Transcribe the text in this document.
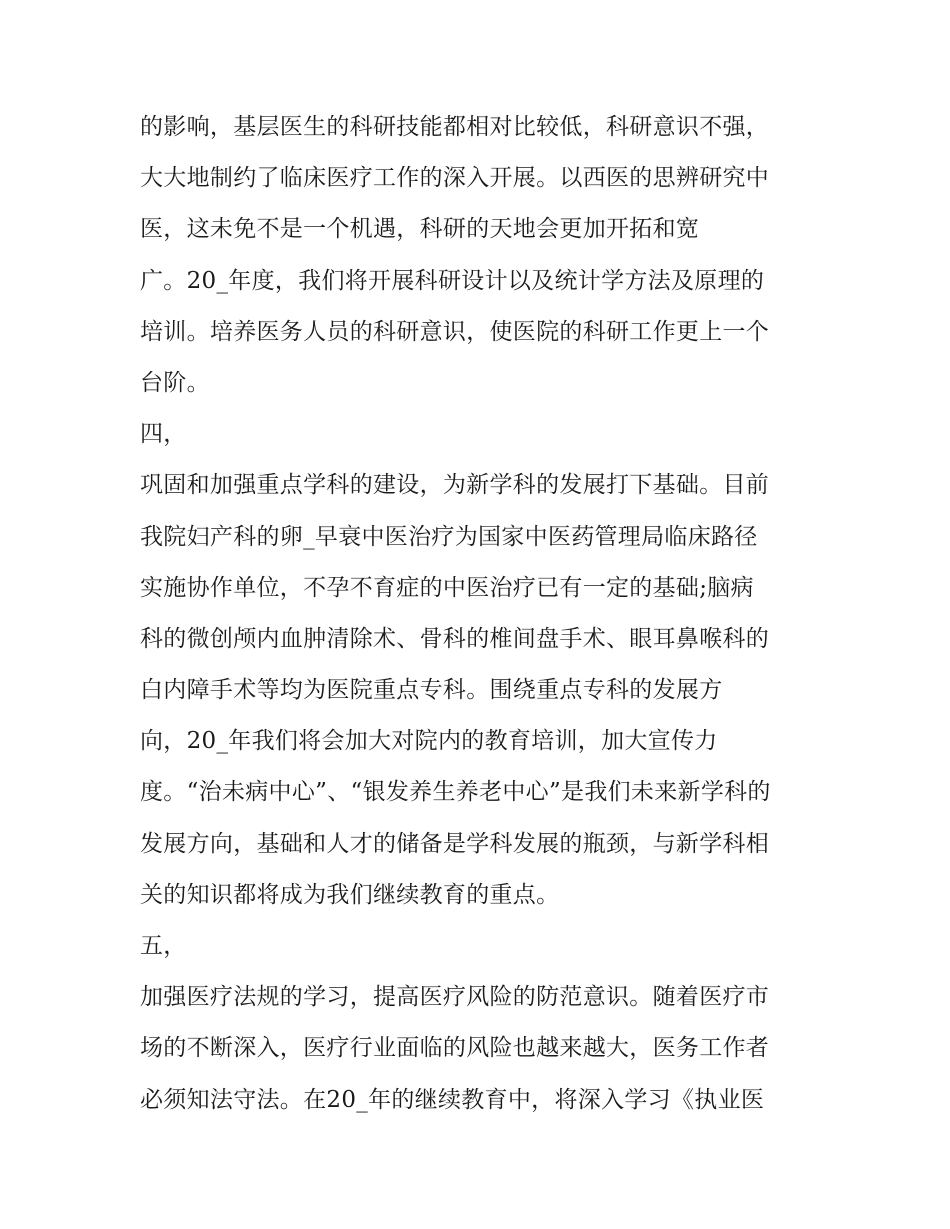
的影响，基层医生的科研技能都相对比较低，科研意识不强，
大大地制约了临床医疗工作的深入开展。以西医的思辨研究中
医，这未免不是一个机遇，科研的天地会更加开拓和宽
广。20_年度，我们将开展科研设计以及统计学方法及原理的
培训。培养医务人员的科研意识，使医院的科研工作更上一个
台阶。
四，
巩固和加强重点学科的建设，为新学科的发展打下基础。目前
我院妇产科的卵_早衰中医治疗为国家中医药管理局临床路径
实施协作单位，不孕不育症的中医治疗已有一定的基础;脑病
科的微创颅内血肿清除术、骨科的椎间盘手术、眼耳鼻喉科的
白内障手术等均为医院重点专科。围绕重点专科的发展方
向，20_年我们将会加大对院内的教育培训，加大宣传力
度。“治未病中心”、“银发养生养老中心”是我们未来新学科的
发展方向，基础和人才的储备是学科发展的瓶颈，与新学科相
关的知识都将成为我们继续教育的重点。
五，
加强医疗法规的学习，提高医疗风险的防范意识。随着医疗市
场的不断深入，医疗行业面临的风险也越来越大，医务工作者
必须知法守法。在20_年的继续教育中，将深入学习《执业医
